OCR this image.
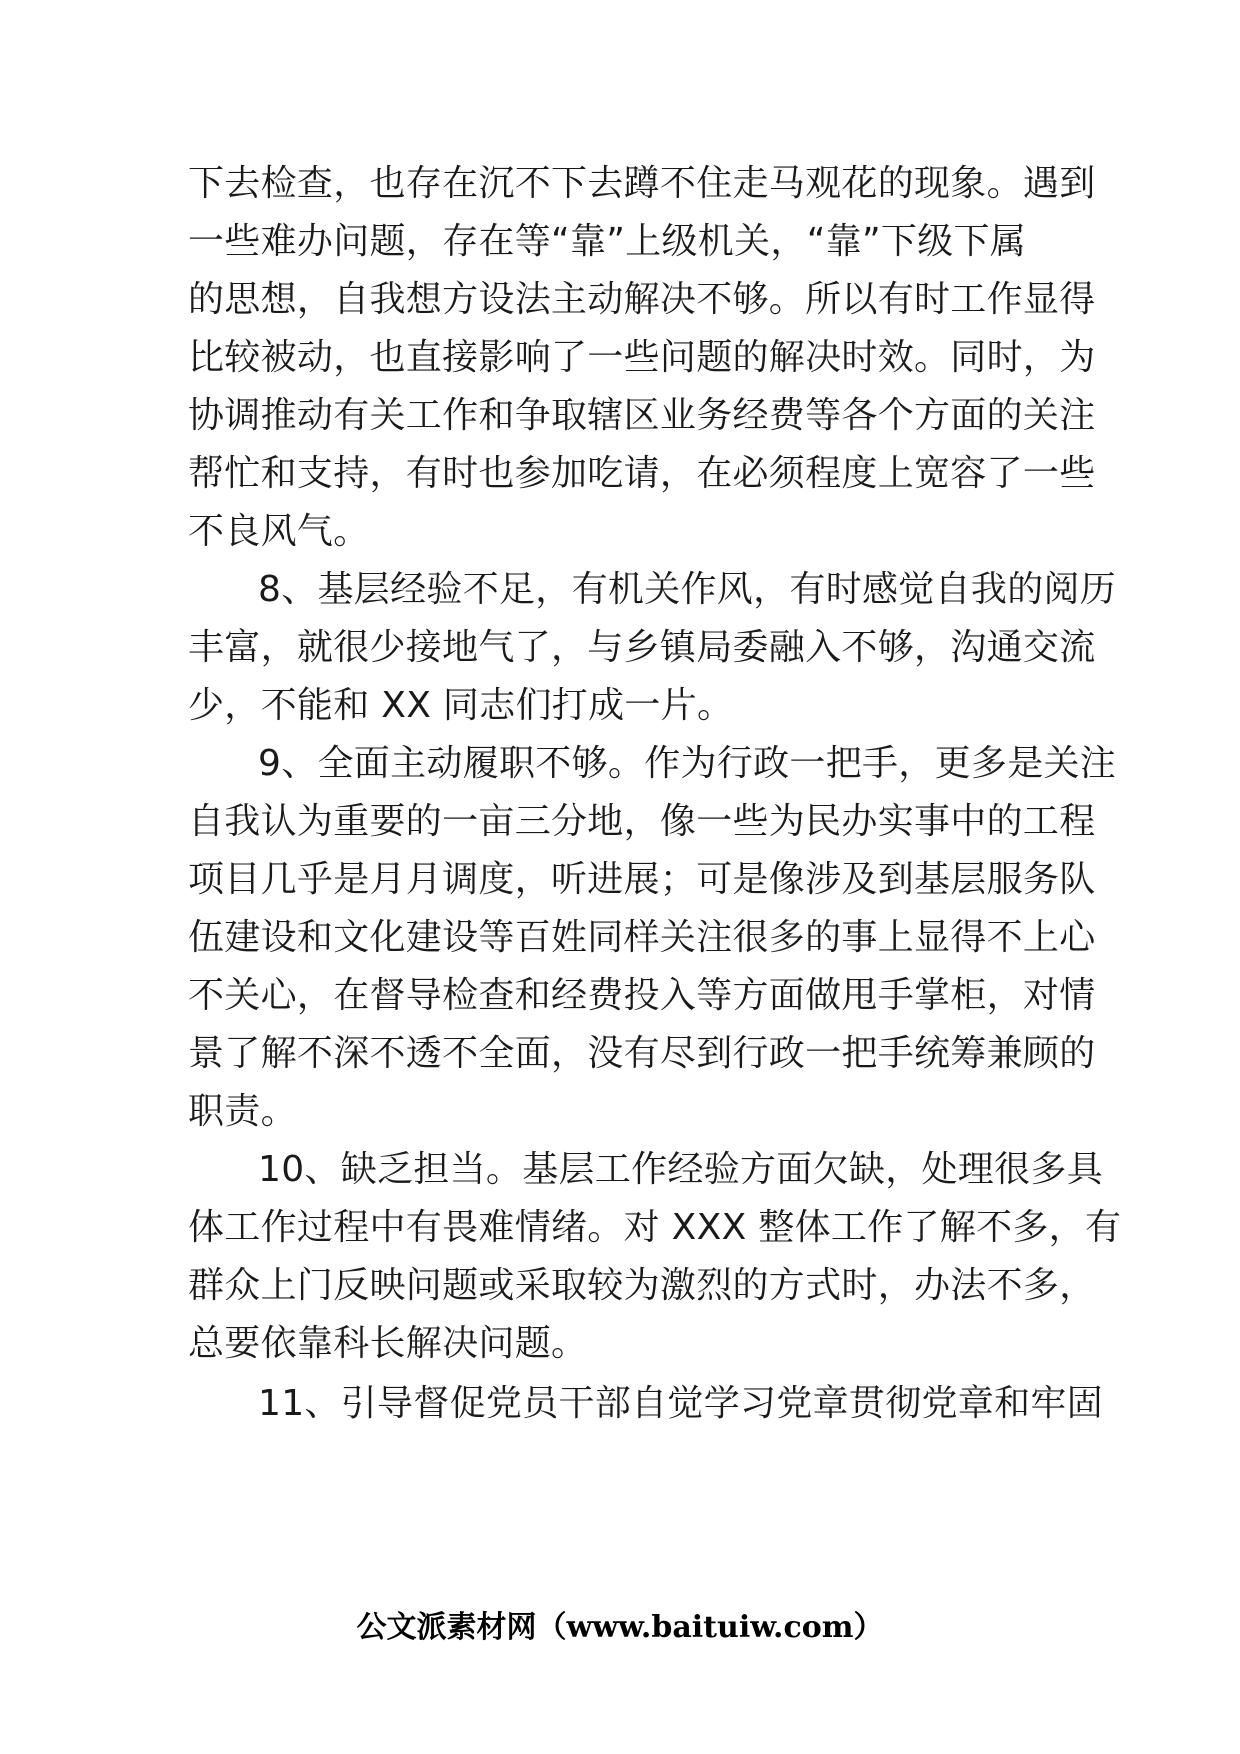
下去检查，也存在沉不下去蹲不住走马观花的现象。遇到
一些难办问题，存在等“靠”上级机关，“靠”下级下属
的思想，自我想方设法主动解决不够。所以有时工作显得
比较被动，也直接影响了一些问题的解决时效。同时，为
协调推动有关工作和争取辖区业务经费等各个方面的关注
帮忙和支持，有时也参加吃请，在必须程度上宽容了一些
不良风气。
8、基层经验不足，有机关作风，有时感觉自我的阅历
丰富，就很少接地气了，与乡镇局委融入不够，沟通交流
少，不能和 XX 同志们打成一片。
9、全面主动履职不够。作为行政一把手，更多是关注
自我认为重要的一亩三分地，像一些为民办实事中的工程
项目几乎是月月调度，听进展；可是像涉及到基层服务队
伍建设和文化建设等百姓同样关注很多的事上显得不上心
不关心，在督导检查和经费投入等方面做甩手掌柜，对情
景了解不深不透不全面，没有尽到行政一把手统筹兼顾的
职责。
10、缺乏担当。基层工作经验方面欠缺，处理很多具
体工作过程中有畏难情绪。对 XXX 整体工作了解不多，有
群众上门反映问题或采取较为激烈的方式时，办法不多，
总要依靠科长解决问题。
11、引导督促党员干部自觉学习党章贯彻党章和牢固
公文派素材网（www.baituiw.com）
